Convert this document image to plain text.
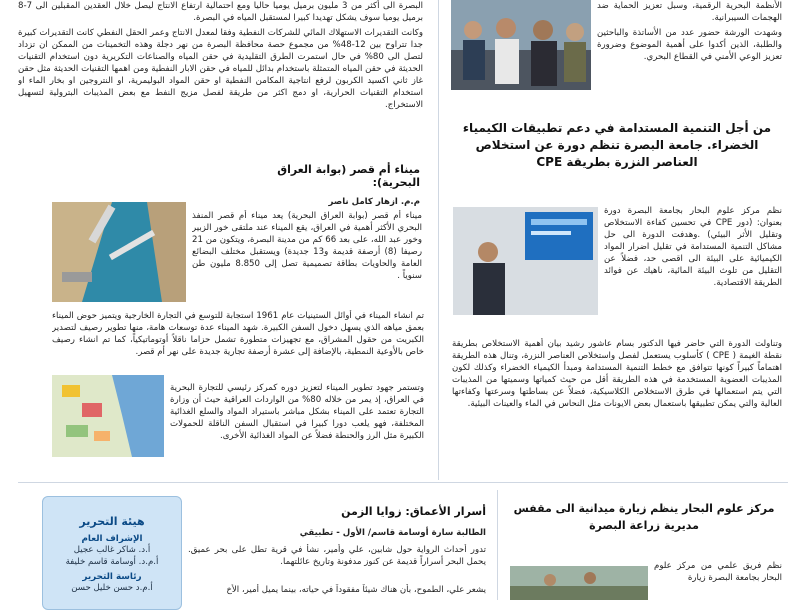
البصرة الى أكثر من 3 مليون برميل يوميا حاليا ومع احتمالية ارتفاع الانتاج ليصل خلال العقدين المقبلين الى 7-8 برميل يوميا سوف يشكل تهديدا كبيرا لمستقبل المياه في البصرة.

وكانت التقديرات الاستهلاك المائي للشركات النفطية وفقا لمعدل الانتاج وعمر الحقل النفطي كانت التقديرات كبيرة جدا تتراوح بين 12-48% من مجموع حصة محافظة البصرة من نهر دجلة وهذه التخمينات من الممكن ان تزداد لتصل الى 80% في حال استمرت الطرق التقليدية في حقن المياه والصناعات التكريرية دون استخدام التقنيات الحديثة في حقن المياه المتمثلة باستخدام بدائل للمياه في حقن الابار النفطية ومن اهمها التقنيات الحديثة مثل حقن غاز ثاني اكسيد الكربون لرفع انتاجية المكامن النفطية او حقن المواد البوليمرية، او النتروجين او بخار الماء او استخدام التقنيات الحرارية، او دمج اكثر من طريقة لفصل مزيج النفط مع بعض المذيبات البترولية لتسهيل الاستخراج.

الأنظمة البحرية الرقمية، وسبل تعزيز الحماية ضد الهجمات السيبرانية.

وشهدت الورشة حضور عدد من الأساتذة والباحثين والطلبة، الذين أكدوا على أهمية الموضوع وضرورة تعزيز الوعي الأمني في القطاع البحري.

ميناء أم قصر (بوابة العراق البحرية):
م.م. ازهار كامل ناصر
ميناء أم قصر (بوابة العراق البحرية) يعد ميناء أم قصر المنفذ البحري الأكثر أهمية في العراق، يقع الميناء عند ملتقى خور الزبير وخور عبد الله، على بعد 66 كم من مدينة البصرة، ويتكون من 21 رصيفا (8) أرصفة قديمة و13 جديدة) ويستقبل مختلف البضائع العامة والحاويات بطاقة تصميمية تصل إلى 8.850 مليون طن سنوياً .
تم انشاء الميناء في أوائل الستينيات عام 1961 استجابة للتوسع في التجارة الخارجية ويتميز حوض الميناء بعمق مياهه الذي يسهل دخول السفن الكبيرة. شهد الميناء عدة توسعات هامة، منها تطوير رصيف لتصدير الكبريت من حقول المشراق، مع تجهيزات متطورة تشمل حزاما ناقلاً أوتوماتيكياً، كما تم انشاء رصيف خاص بالأوعية النمطية، بالإضافة إلى عشرة أرصفة تجارية جديدة على نهر أم قصر.
وتستمر جهود تطوير الميناء لتعزيز دوره كمركز رئيسي للتجارة البحرية في العراق، إذ يمر من خلاله 80% من الواردات العراقية حيث أن وزارة التجارة تعتمد على الميناء بشكل مباشر باستيراد المواد والسلع الغذائية المختلفة، فهو يلعب دورا كبيرا في استقبال السفن الناقلة للحمولات الكبيرة مثل الرز والحنطة فضلاً عن المواد الغذائية الأخرى.
من أجل التنمية المستدامة في دعم تطبيقات الكيمياء الخضراء. جامعة البصرة تنظم دورة عن استخلاص العناصر النزرة بطريقة CPE
نظم مركز علوم البحار بجامعة البصرة دورة بعنوان: (دور CPE في تحسين كفاءة الاستخلاص وتقليل الأثر البيئي) .وهدفت الدورة الى حل مشاكل التنمية المستدامة في تقليل اضرار المواد الكيميائية على البيئة الى اقصى حد، فضلاً عن التقليل من تلوث البيئة المائية، ناهيك عن فوائد الطريقة الاقتصادية.
وتناولت الدورة التي حاضر فيها الدكتور بسام عاشور رشيد بيان أهمية الاستخلاص بطريقة نقطة الغيمة ( CPE ) كأسلوب يستعمل لفصل واستخلاص العناصر النزرة، وتنال هذه الطريقة اهتماماً كبيراً كونها تتوافق مع خطط التنمية المستدامة ومبدأ الكيمياء الخضراء وكذلك لكون المذيبات العضوية المستخدمة في هذه الطريقة أقل من حيث كمياتها وسميتها من المذيبات التي يتم استعمالها في طرق الاستخلاص الكلاسيكية، فضلاً عن بساطتها وسرعتها وكفاءتها العالية والتي يمكن تطبيقها باستعمال بعض الايونات مثل النحاس في الماء والعينات البيئية.
هيئة التحرير
الإشراف العام
أ.د. شاكر غالب عجيل
أ.م.د. أوسامة قاسم خليفة
رئاسة التحرير
أ.م.د حسن خليل حسن
أسرار الأعماق: زوايا الزمن
الطالبة سارة أوسامة قاسم/ الأول - تطبيقي
تدور أحداث الرواية حول شابين، علي وأمير، نشأ في قرية تطل على بحر عميق. يحمل البحر أسراراً قديمة عن كنوز مدفونة وتاريخ عائلتهما.
يشعر علي، الطموح، بأن هناك شيئاً مفقوداً في حياته، بينما يميل أمير، الأخ
مركز علوم البحار ينظم زيارة ميدانية الى مقفس مديرية زراعة البصرة
نظم فريق علمي من مركز علوم البحار بجامعة البصرة زيارة
